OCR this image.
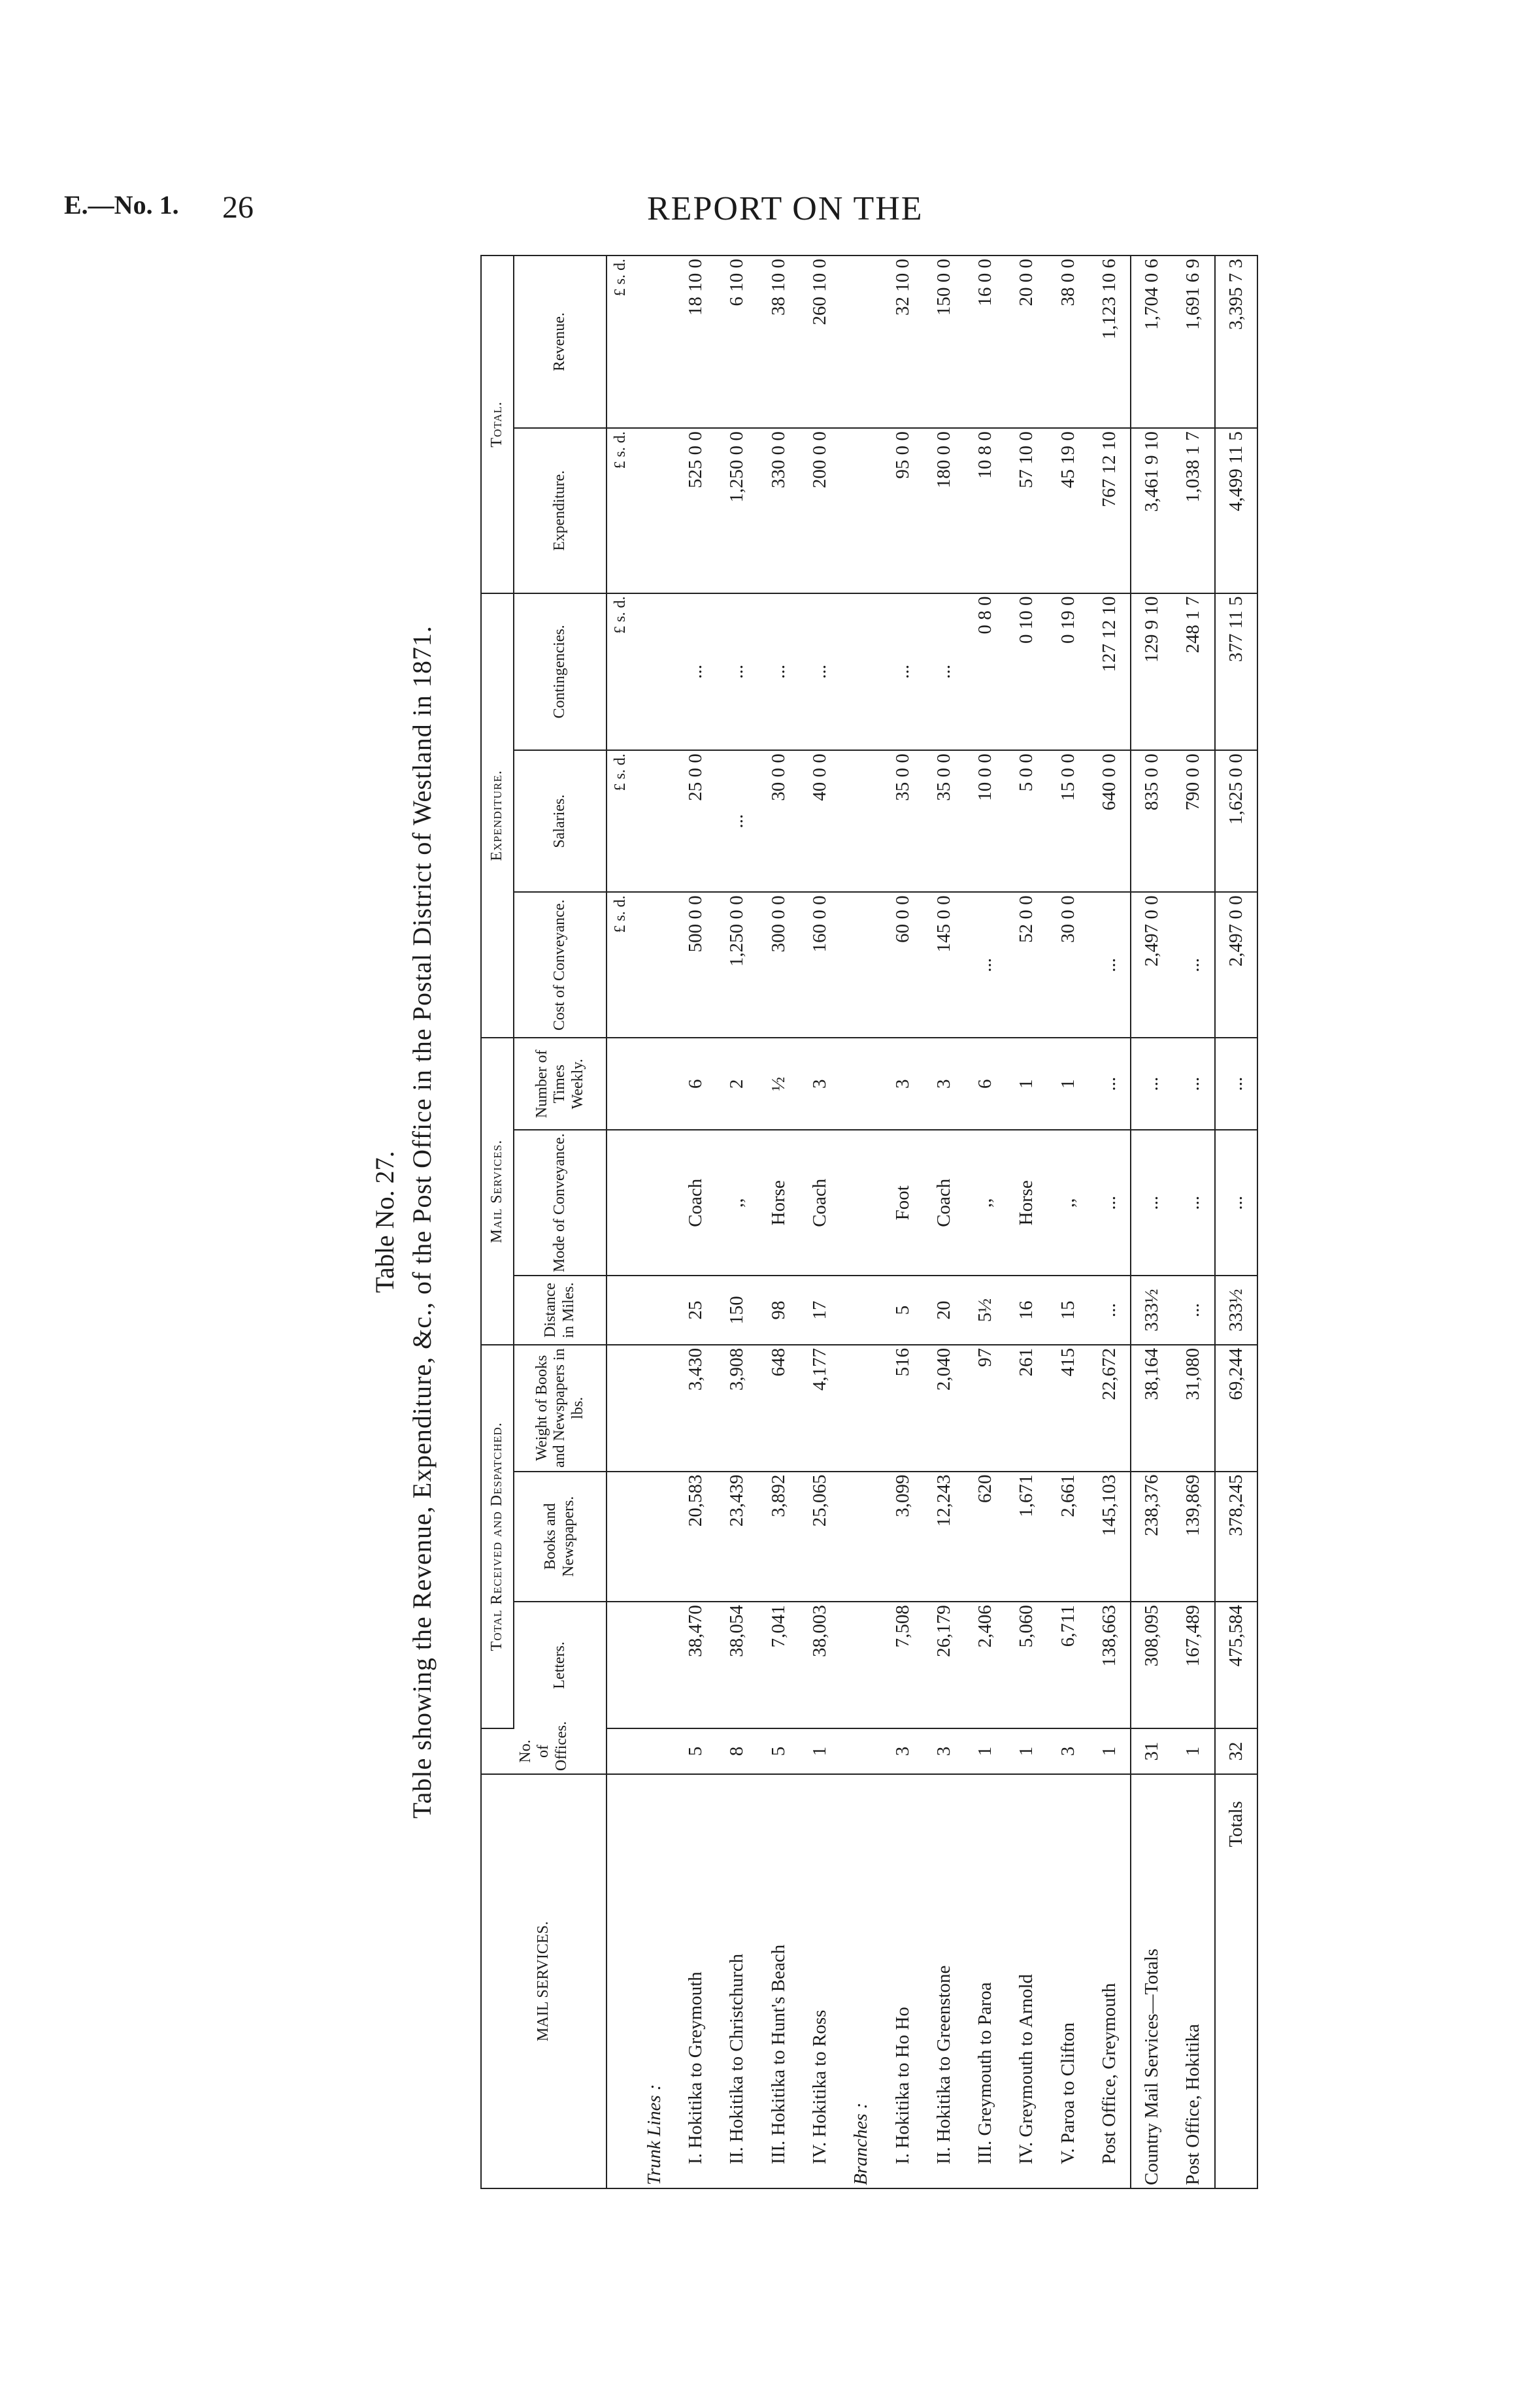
E.—No. 1. 26	REPORT ON THE
Table No. 27. Table showing the Revenue, Expenditure, &c., of the Post Office in the Postal District of Westland in 1871.
MAIL SERVICES.	No. of Offices.	Total Received and Despatched.			Mail Services.			Expenditure.			Total.	
		Letters.	Books and Newspapers.	Weight of Books and Newspapers in lbs.	Distance in Miles.	Mode of Conveyance.	Number of Times Weekly.	Cost of Conveyance.	Salaries.	Contingencies.	Expenditure.	Revenue.
								£ s. d.	£ s. d.	£ s. d.	£ s. d.	£ s. d.
Trunk Lines :												
I. Hokitika to Greymouth	5	38,470	20,583	3,430	25	Coach	6	500 0 0	25 0 0	...	525 0 0	18 10 0
II. Hokitika to Christchurch	8	38,054	23,439	3,908	150	,,	2	1,250 0 0	...	...	1,250 0 0	6 10 0
III. Hokitika to Hunt's Beach	5	7,041	3,892	648	98	Horse	½	300 0 0	30 0 0	...	330 0 0	38 10 0
IV. Hokitika to Ross	1	38,003	25,065	4,177	17	Coach	3	160 0 0	40 0 0	...	200 0 0	260 10 0
Branches :												
I. Hokitika to Ho Ho	3	7,508	3,099	516	5	Foot	3	60 0 0	35 0 0	...	95 0 0	32 10 0
II. Hokitika to Greenstone	3	26,179	12,243	2,040	20	Coach	3	145 0 0	35 0 0	...	180 0 0	150 0 0
III. Greymouth to Paroa	1	2,406	620	97	5½	,,	6	...	10 0 0	0 8 0	10 8 0	16 0 0
IV. Greymouth to Arnold	1	5,060	1,671	261	16	Horse	1	52 0 0	5 0 0	0 10 0	57 10 0	20 0 0
V. Paroa to Clifton	3	6,711	2,661	415	15	,,	1	30 0 0	15 0 0	0 19 0	45 19 0	38 0 0
Post Office, Greymouth	1	138,663	145,103	22,672	...	...	...	...	640 0 0	127 12 10	767 12 10	1,123 10 6
Country Mail Services—Totals	31	308,095	238,376	38,164	333½	...	...	2,497 0 0	835 0 0	129 9 10	3,461 9 10	1,704 0 6
Post Office, Hokitika	1	167,489	139,869	31,080	...	...	...	...	790 0 0	248 1 7	1,038 1 7	1,691 6 9
Totals	32	475,584	378,245	69,244	333½	...	...	2,497 0 0	1,625 0 0	377 11 5	4,499 11 5	3,395 7 3
